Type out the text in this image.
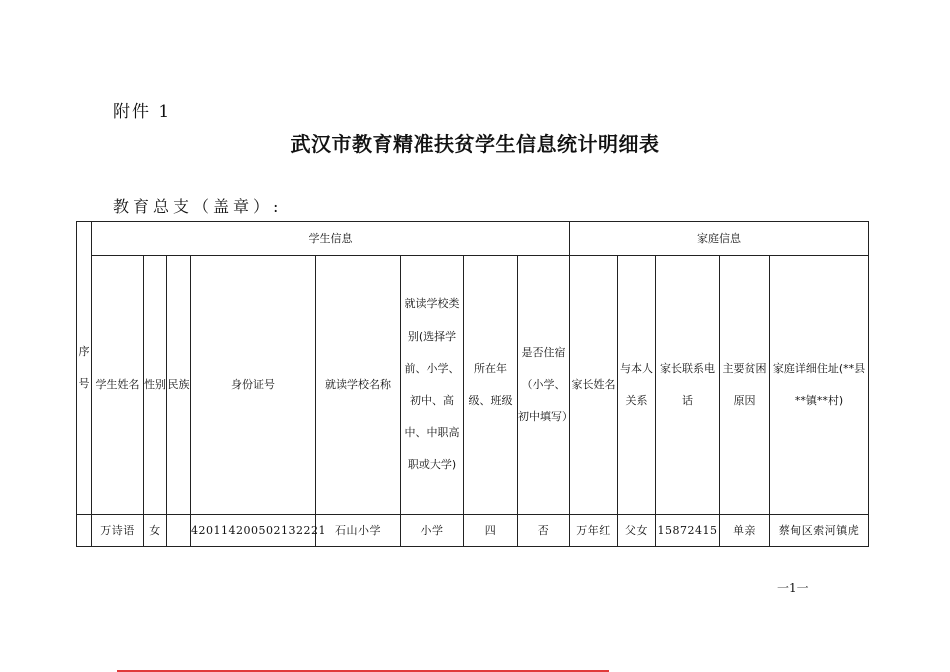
附件 1
武汉市教育精准扶贫学生信息统计明细表
教育总支（盖章）:
序号	学生信息								家庭信息				
	学生姓名	性别	民族	身份证号	就读学校名称	就读学校类别(选择学前、小学、初中、高中、中职高职或大学)	所在年级、班级	是否住宿（小学、初中填写）	家长姓名	与本人关系	家长联系电话	主要贫困原因	家庭详细住址(**县**镇**村)
	万诗语	女		420114200502132221	石山小学	小学	四	否	万年红	父女	15872415	单亲	蔡甸区索河镇虎
一1一
